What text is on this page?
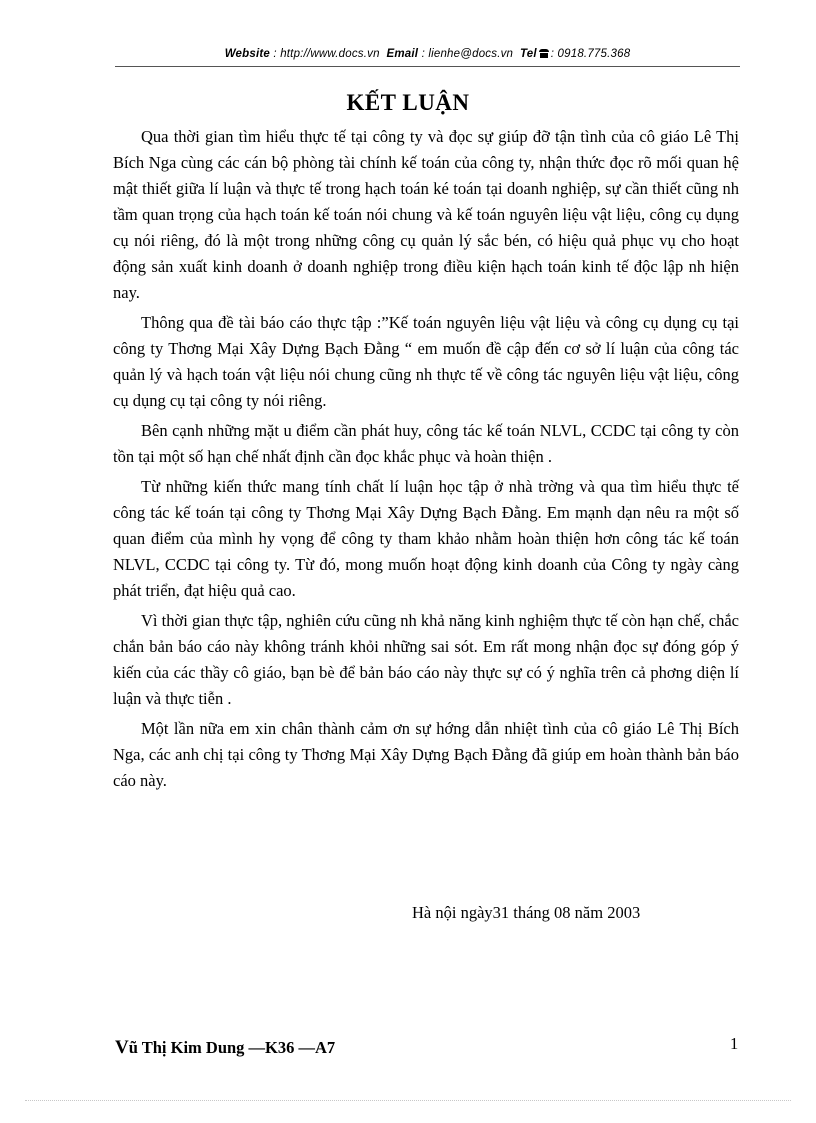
Website : http://www.docs.vn Email : lienhe@docs.vn Tel : 0918.775.368
KẾT LUẬN

Qua thời gian tìm hiểu thực tế tại công ty và đọc sự giúp đỡ tận tình của cô giáo Lê Thị Bích Nga cùng các cán bộ phòng tài chính kế toán của công ty, nhận thức đọc rõ mối quan hệ mật thiết giữa lí luận và thực tế trong hạch toán ké toán tại doanh nghiệp, sự cần thiết cũng nh tầm quan trọng của hạch toán kế toán nói chung và kế toán nguyên liệu vật liệu, công cụ dụng cụ nói riêng, đó là một trong những công cụ quản lý sắc bén, có hiệu quả phục vụ cho hoạt động sản xuất kinh doanh ở doanh nghiệp trong điều kiện hạch toán kinh tế độc lập nh hiện nay.

Thông qua đề tài báo cáo thực tập :”Kế toán nguyên liệu vật liệu và công cụ dụng cụ tại công ty Thơng Mại Xây Dựng Bạch Đằng “ em muốn đề cập đến cơ sở lí luận của công tác quản lý và hạch toán vật liệu nói chung cũng nh thực tế về công tác nguyên liệu vật liệu, công cụ dụng cụ tại công ty nói riêng.

Bên cạnh những mặt u điểm cần phát huy, công tác kế toán NLVL, CCDC tại công ty còn tồn tại một số hạn chế nhất định cần đọc khắc phục và hoàn thiện .

Từ những kiến thức mang tính chất lí luận học tập ở nhà trờng và qua tìm hiểu thực tế công tác kế toán tại công ty Thơng Mại Xây Dựng Bạch Đằng. Em mạnh dạn nêu ra một số quan điểm của mình hy vọng để công ty tham khảo nhằm hoàn thiện hơn công tác kế toán NLVL, CCDC tại công ty. Từ đó, mong muốn hoạt động kinh doanh của Công ty ngày càng phát triển, đạt hiệu quả cao.

Vì thời gian thực tập, nghiên cứu cũng nh khả năng kinh nghiệm thực tế còn hạn chế, chắc chắn bản báo cáo này không tránh khỏi những sai sót. Em rất mong nhận đọc sự đóng góp ý kiến của các thầy cô giáo, bạn bè để bản báo cáo này thực sự có ý nghĩa trên cả phơng diện lí luận và thực tiễn .

Một lần nữa em xin chân thành cảm ơn sự hớng dẫn nhiệt tình của cô giáo Lê Thị Bích Nga, các anh chị tại công ty Thơng Mại Xây Dựng Bạch Đằng đã giúp em hoàn thành bản báo cáo này.

Hà nội ngày31 tháng 08 năm 2003
Vũ Thị Kim Dung —K36 —A7	1
